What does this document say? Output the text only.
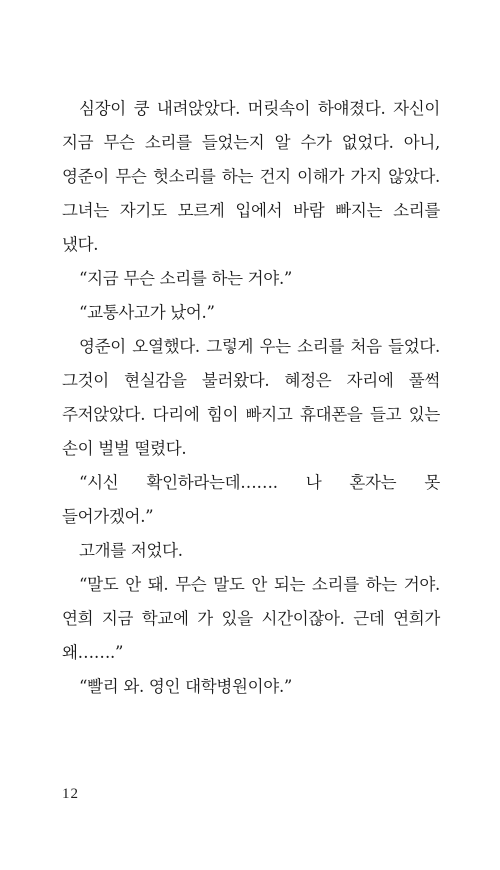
심장이 쿵 내려앉았다. 머릿속이 하얘졌다. 자신이 지금 무슨 소리를 들었는지 알 수가 없었다. 아니, 영준이 무슨 헛소리를 하는 건지 이해가 가지 않았다. 그녀는 자기도 모르게 입에서 바람 빠지는 소리를 냈다.

“지금 무슨 소리를 하는 거야.”

“교통사고가 났어.”

영준이 오열했다. 그렇게 우는 소리를 처음 들었다. 그것이 현실감을 불러왔다. 혜정은 자리에 풀썩 주저앉았다. 다리에 힘이 빠지고 휴대폰을 들고 있는 손이 벌벌 떨렸다.

“시신 확인하라는데……. 나 혼자는 못 들어가겠어.”

고개를 저었다.

“말도 안 돼. 무슨 말도 안 되는 소리를 하는 거야. 연희 지금 학교에 가 있을 시간이잖아. 근데 연희가 왜…….”

“빨리 와. 영인 대학병원이야.”

12
